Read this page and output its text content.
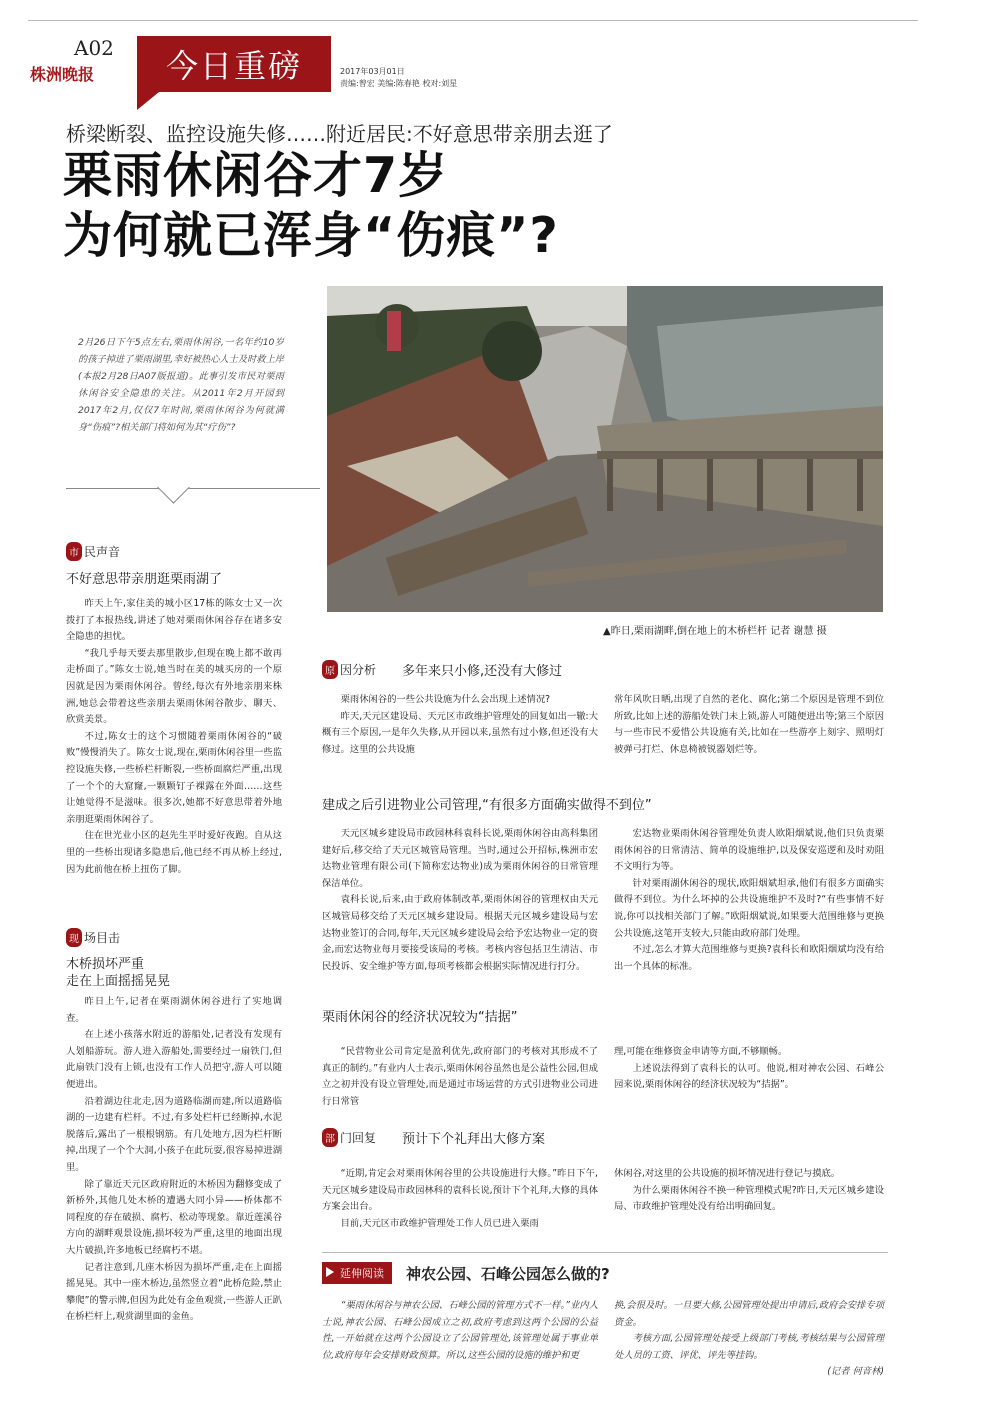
A02
株洲晚报	今日重磅	2017年03月01日
责编:曾宏 美编:陈春艳 校对:刘星
桥梁断裂、监控设施失修……附近居民:不好意思带亲朋去逛了
栗雨休闲谷才7岁
为何就已浑身“伤痕”?
2月26日下午5点左右,栗雨休闲谷,一名年约10岁的孩子掉进了栗雨湖里,幸好被热心人士及时救上岸(本报2月28日A07版报道)。此事引发市民对栗雨休闲谷安全隐患的关注。从2011年2月开园到2017年2月,仅仅7年时间,栗雨休闲谷为何就满身“伤痕”?相关部门将如何为其“疗伤”?
▲昨日,栗雨湖畔,倒在地上的木桥栏杆 记者 谢慧 摄
市 民声音
不好意思带亲朋逛栗雨湖了

昨天上午,家住美的城小区17栋的陈女士又一次拨打了本报热线,讲述了她对栗雨休闲谷存在诸多安全隐患的担忧。

“我几乎每天要去那里散步,但现在晚上都不敢再走桥面了。”陈女士说,她当时在美的城买房的一个原因就是因为栗雨休闲谷。曾经,每次有外地亲朋来株洲,她总会带着这些亲朋去栗雨休闲谷散步、聊天、欣赏美景。

不过,陈女士的这个习惯随着栗雨休闲谷的“破败”慢慢消失了。陈女士说,现在,栗雨休闲谷里一些监控设施失修,一些桥栏杆断裂,一些桥面腐烂严重,出现了一个个的大窟窿,一颗颗钉子裸露在外面……这些让她觉得不是滋味。很多次,她都不好意思带着外地亲朋逛栗雨休闲谷了。

住在世光业小区的赵先生平时爱好夜跑。自从这里的一些桥出现诸多隐患后,他已经不再从桥上经过,因为此前他在桥上扭伤了脚。

现 场目击
木桥损坏严重
走在上面摇摇晃晃

昨日上午,记者在栗雨湖休闲谷进行了实地调查。

在上述小孩落水附近的游船处,记者没有发现有人划船游玩。游人进入游船处,需要经过一扇铁门,但此扇铁门没有上锁,也没有工作人员把守,游人可以随便进出。

沿着湖边往北走,因为道路临湖而建,所以道路临湖的一边建有栏杆。不过,有多处栏杆已经断掉,水泥脱落后,露出了一根根钢筋。有几处地方,因为栏杆断掉,出现了一个个大洞,小孩子在此玩耍,很容易掉进湖里。

除了靠近天元区政府附近的木桥因为翻修变成了新桥外,其他几处木桥的遭遇大同小异——桥体都不同程度的存在破损、腐朽、松动等现象。靠近莲溪谷方向的湖畔观景设施,损坏较为严重,这里的地面出现大片破损,许多地板已经腐朽不堪。

记者注意到,几座木桥因为损坏严重,走在上面摇摇晃晃。其中一座木桥边,虽然竖立着“此桥危险,禁止攀爬”的警示牌,但因为此处有金鱼观赏,一些游人正趴在桥栏杆上,观赏湖里面的金鱼。

原 因分析 多年来只小修,还没有大修过

栗雨休闲谷的一些公共设施为什么会出现上述情况?

昨天,天元区建设局、天元区市政维护管理处的回复如出一辙:大概有三个原因,一是年久失修,从开园以来,虽然有过小修,但还没有大修过。这里的公共设施

常年风吹日晒,出现了自然的老化、腐化;第二个原因是管理不到位所致,比如上述的游船处铁门未上锁,游人可随便进出等;第三个原因与一些市民不爱惜公共设施有关,比如在一些游亭上刻字、照明灯被弹弓打烂、休息椅被锐器划烂等。

建成之后引进物业公司管理,“有很多方面确实做得不到位”

天元区城乡建设局市政园林科袁科长说,栗雨休闲谷由高科集团建好后,移交给了天元区城管局管理。当时,通过公开招标,株洲市宏达物业管理有限公司(下简称宏达物业)成为栗雨休闲谷的日常管理保洁单位。

袁科长说,后来,由于政府体制改革,栗雨休闲谷的管理权由天元区城管局移交给了天元区城乡建设局。根据天元区城乡建设局与宏达物业签订的合同,每年,天元区城乡建设局会给予宏达物业一定的资金,而宏达物业每月要接受该局的考核。考核内容包括卫生清洁、市民投诉、安全维护等方面,每项考核都会根据实际情况进行打分。

宏达物业栗雨休闲谷管理处负责人欧阳烟斌说,他们只负责栗雨休闲谷的日常清洁、简单的设施维护,以及保安巡逻和及时劝阻不文明行为等。

针对栗雨湖休闲谷的现状,欧阳烟斌坦承,他们有很多方面确实做得不到位。为什么坏掉的公共设施维护不及时?“有些事情不好说,你可以找相关部门了解。”欧阳烟斌说,如果要大范围维修与更换公共设施,这笔开支较大,只能由政府部门处理。

不过,怎么才算大范围维修与更换?袁科长和欧阳烟斌均没有给出一个具体的标准。

栗雨休闲谷的经济状况较为“拮据”

“民营物业公司肯定是盈利优先,政府部门的考核对其形成不了真正的制约。”有业内人士表示,栗雨休闲谷虽然也是公益性公园,但成立之初并没有设立管理处,而是通过市场运营的方式引进物业公司进行日常管

理,可能在维修资金申请等方面,不够顺畅。

上述说法得到了袁科长的认可。他说,相对神农公园、石峰公园来说,栗雨休闲谷的经济状况较为“拮据”。

部 门回复 预计下个礼拜出大修方案

“近期,肯定会对栗雨休闲谷里的公共设施进行大修。”昨日下午,天元区城乡建设局市政园林科的袁科长说,预计下个礼拜,大修的具体方案会出台。

目前,天元区市政维护管理处工作人员已进入栗雨

休闲谷,对这里的公共设施的损坏情况进行登记与摸底。

为什么栗雨休闲谷不换一种管理模式呢?昨日,天元区城乡建设局、市政维护管理处没有给出明确回复。

延伸阅读	神农公园、石峰公园怎么做的?

“栗雨休闲谷与神农公园、石峰公园的管理方式不一样。”业内人士说,神农公园、石峰公园成立之初,政府考虑到这两个公园的公益性,一开始就在这两个公园设立了公园管理处,该管理处属于事业单位,政府每年会安排财政预算。所以,这些公园的设施的维护和更

换,会很及时。一旦要大修,公园管理处提出申请后,政府会安排专项资金。

考核方面,公园管理处接受上级部门考核,考核结果与公园管理处人员的工资、评优、评先等挂钩。

(记者 何音林)
